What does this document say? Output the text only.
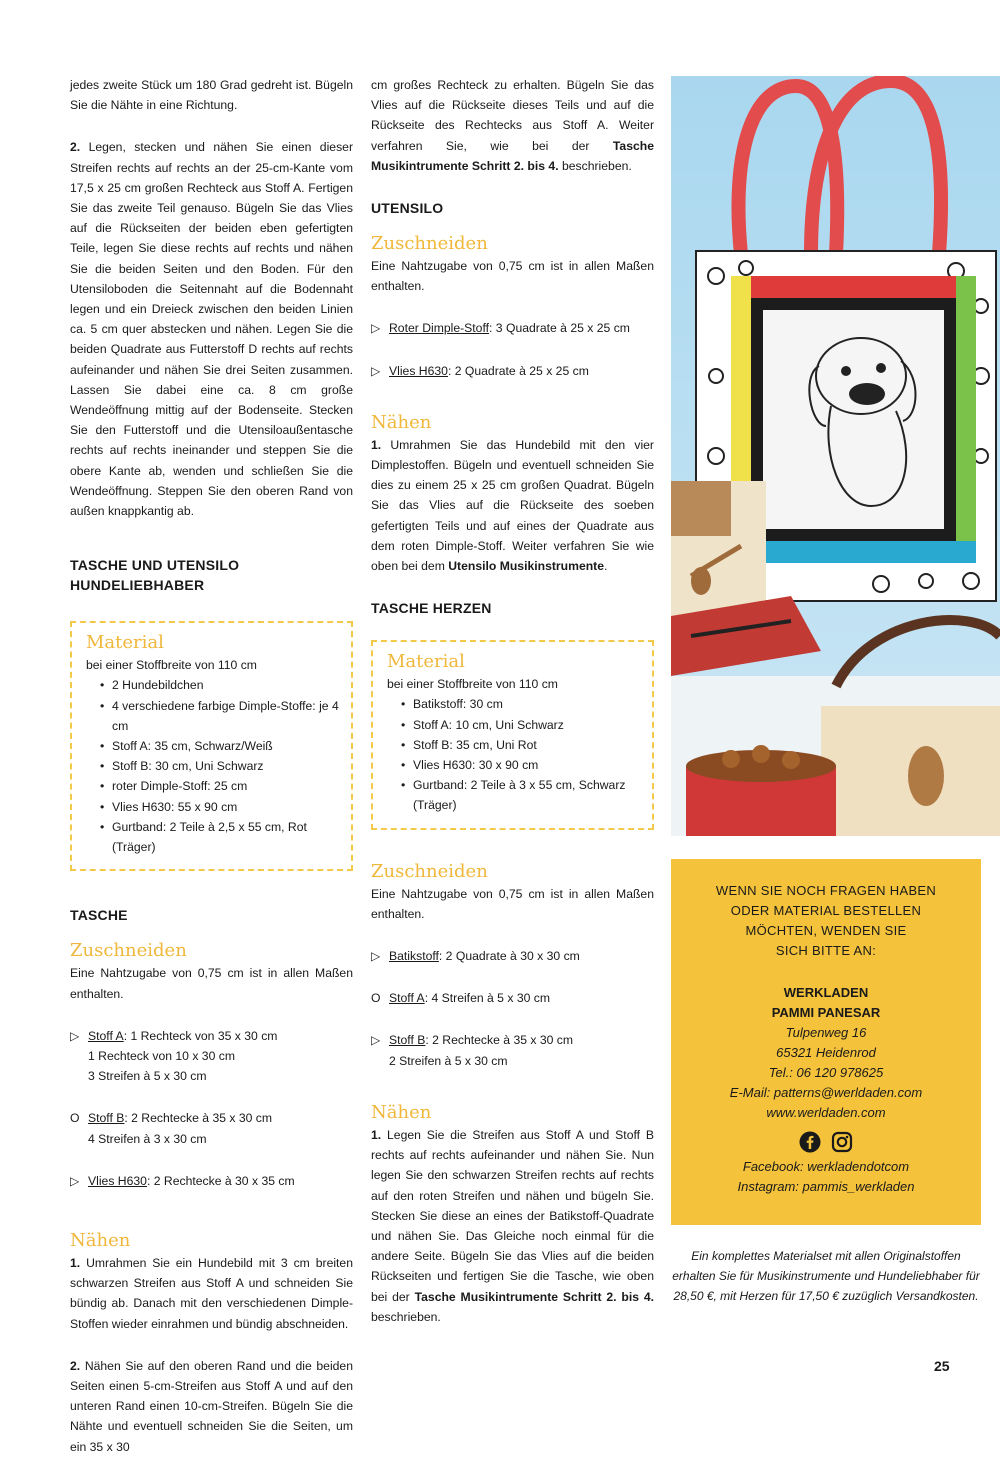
jedes zweite Stück um 180 Grad gedreht ist. Bügeln Sie die Nähte in eine Richtung.

2. Legen, stecken und nähen Sie einen dieser Streifen rechts auf rechts an der 25-cm-Kante vom 17,5 x 25 cm großen Rechteck aus Stoff A. Fertigen Sie das zweite Teil genauso. Bügeln Sie das Vlies auf die Rückseiten der beiden eben gefertigten Teile, legen Sie diese rechts auf rechts und nähen Sie die beiden Seiten und den Boden. Für den Utensiloboden die Seitennaht auf die Bodennaht legen und ein Dreieck zwischen den beiden Linien ca. 5 cm quer abstecken und nähen. Legen Sie die beiden Quadrate aus Futterstoff D rechts auf rechts aufeinander und nähen Sie drei Seiten zusammen. Lassen Sie dabei eine ca. 8 cm große Wendeöffnung mittig auf der Bodenseite. Stecken Sie den Futterstoff und die Utensiloaußentasche rechts auf rechts ineinander und steppen Sie die obere Kante ab, wenden und schließen Sie die Wendeöffnung. Steppen Sie den oberen Rand von außen knappkantig ab.

TASCHE UND UTENSILO
HUNDELIEBHABER
Material
bei einer Stoffbreite von 110 cm
• 2 Hundebildchen
• 4 verschiedene farbige Dimple-Stoffe: je 4 cm
• Stoff A: 35 cm, Schwarz/Weiß
• Stoff B: 30 cm, Uni Schwarz
• roter Dimple-Stoff: 25 cm
• Vlies H630: 55 x 90 cm
• Gurtband: 2 Teile à 2,5 x 55 cm, Rot (Träger)
TASCHE
Zuschneiden

Eine Nahtzugabe von 0,75 cm ist in allen Maßen enthalten.

▷ Stoff A: 1 Rechteck von 35 x 30 cm
1 Rechteck von 10 x 30 cm
3 Streifen à 5 x 30 cm
O Stoff B: 2 Rechtecke à 35 x 30 cm
4 Streifen à 3 x 30 cm
▷ Vlies H630: 2 Rechtecke à 30 x 35 cm
Nähen

1. Umrahmen Sie ein Hundebild mit 3 cm breiten schwarzen Streifen aus Stoff A und schneiden Sie bündig ab. Danach mit den verschiedenen Dimple-Stoffen wieder einrahmen und bündig abschneiden.

2. Nähen Sie auf den oberen Rand und die beiden Seiten einen 5-cm-Streifen aus Stoff A und auf den unteren Rand einen 10-cm-Streifen. Bügeln Sie die Nähte und eventuell schneiden Sie die Seiten, um ein 35 x 30

cm großes Rechteck zu erhalten. Bügeln Sie das Vlies auf die Rückseite dieses Teils und auf die Rückseite des Rechtecks aus Stoff A. Weiter verfahren Sie, wie bei der Tasche Musikintrumente Schritt 2. bis 4. beschrieben.

UTENSILO
Zuschneiden

Eine Nahtzugabe von 0,75 cm ist in allen Maßen enthalten.

▷ Roter Dimple-Stoff: 3 Quadrate à 25 x 25 cm
▷ Vlies H630: 2 Quadrate à 25 x 25 cm
Nähen

1. Umrahmen Sie das Hundebild mit den vier Dimplestoffen. Bügeln und eventuell schneiden Sie dies zu einem 25 x 25 cm großen Quadrat. Bügeln Sie das Vlies auf die Rückseite des soeben gefertigten Teils und auf eines der Quadrate aus dem roten Dimple-Stoff. Weiter verfahren Sie wie oben bei dem Utensilo Musikinstrumente.

TASCHE HERZEN
Material
bei einer Stoffbreite von 110 cm
• Batikstoff: 30 cm
• Stoff A: 10 cm, Uni Schwarz
• Stoff B: 35 cm, Uni Rot
• Vlies H630: 30 x 90 cm
• Gurtband: 2 Teile à 3 x 55 cm, Schwarz (Träger)
Zuschneiden

Eine Nahtzugabe von 0,75 cm ist in allen Maßen enthalten.

▷ Batikstoff: 2 Quadrate à 30 x 30 cm
O Stoff A: 4 Streifen à 5 x 30 cm
▷ Stoff B: 2 Rechtecke à 35 x 30 cm
2 Streifen à 5 x 30 cm
Nähen

1. Legen Sie die Streifen aus Stoff A und Stoff B rechts auf rechts aufeinander und nähen Sie. Nun legen Sie den schwarzen Streifen rechts auf rechts auf den roten Streifen und nähen und bügeln Sie. Stecken Sie diese an eines der Batikstoff-Quadrate und nähen Sie. Das Gleiche noch einmal für die andere Seite. Bügeln Sie das Vlies auf die beiden Rückseiten und fertigen Sie die Tasche, wie oben bei der Tasche Musikintrumente Schritt 2. bis 4. beschrieben.

WENN SIE NOCH FRAGEN HABEN
ODER MATERIAL BESTELLEN
MÖCHTEN, WENDEN SIE
SICH BITTE AN:
WERKLADEN
PAMMI PANESAR
Tulpenweg 16
65321 Heidenrod
Tel.: 06 120 978625
E-Mail: patterns@werldaden.com
www.werldaden.com
Facebook: werkladendotcom
Instagram: pammis_werkladen
Ein komplettes Materialset mit allen Originalstoffen erhalten Sie für Musikinstrumente und Hundeliebhaber für 28,50 €, mit Herzen für 17,50 € zuzüglich Versandkosten.
25
